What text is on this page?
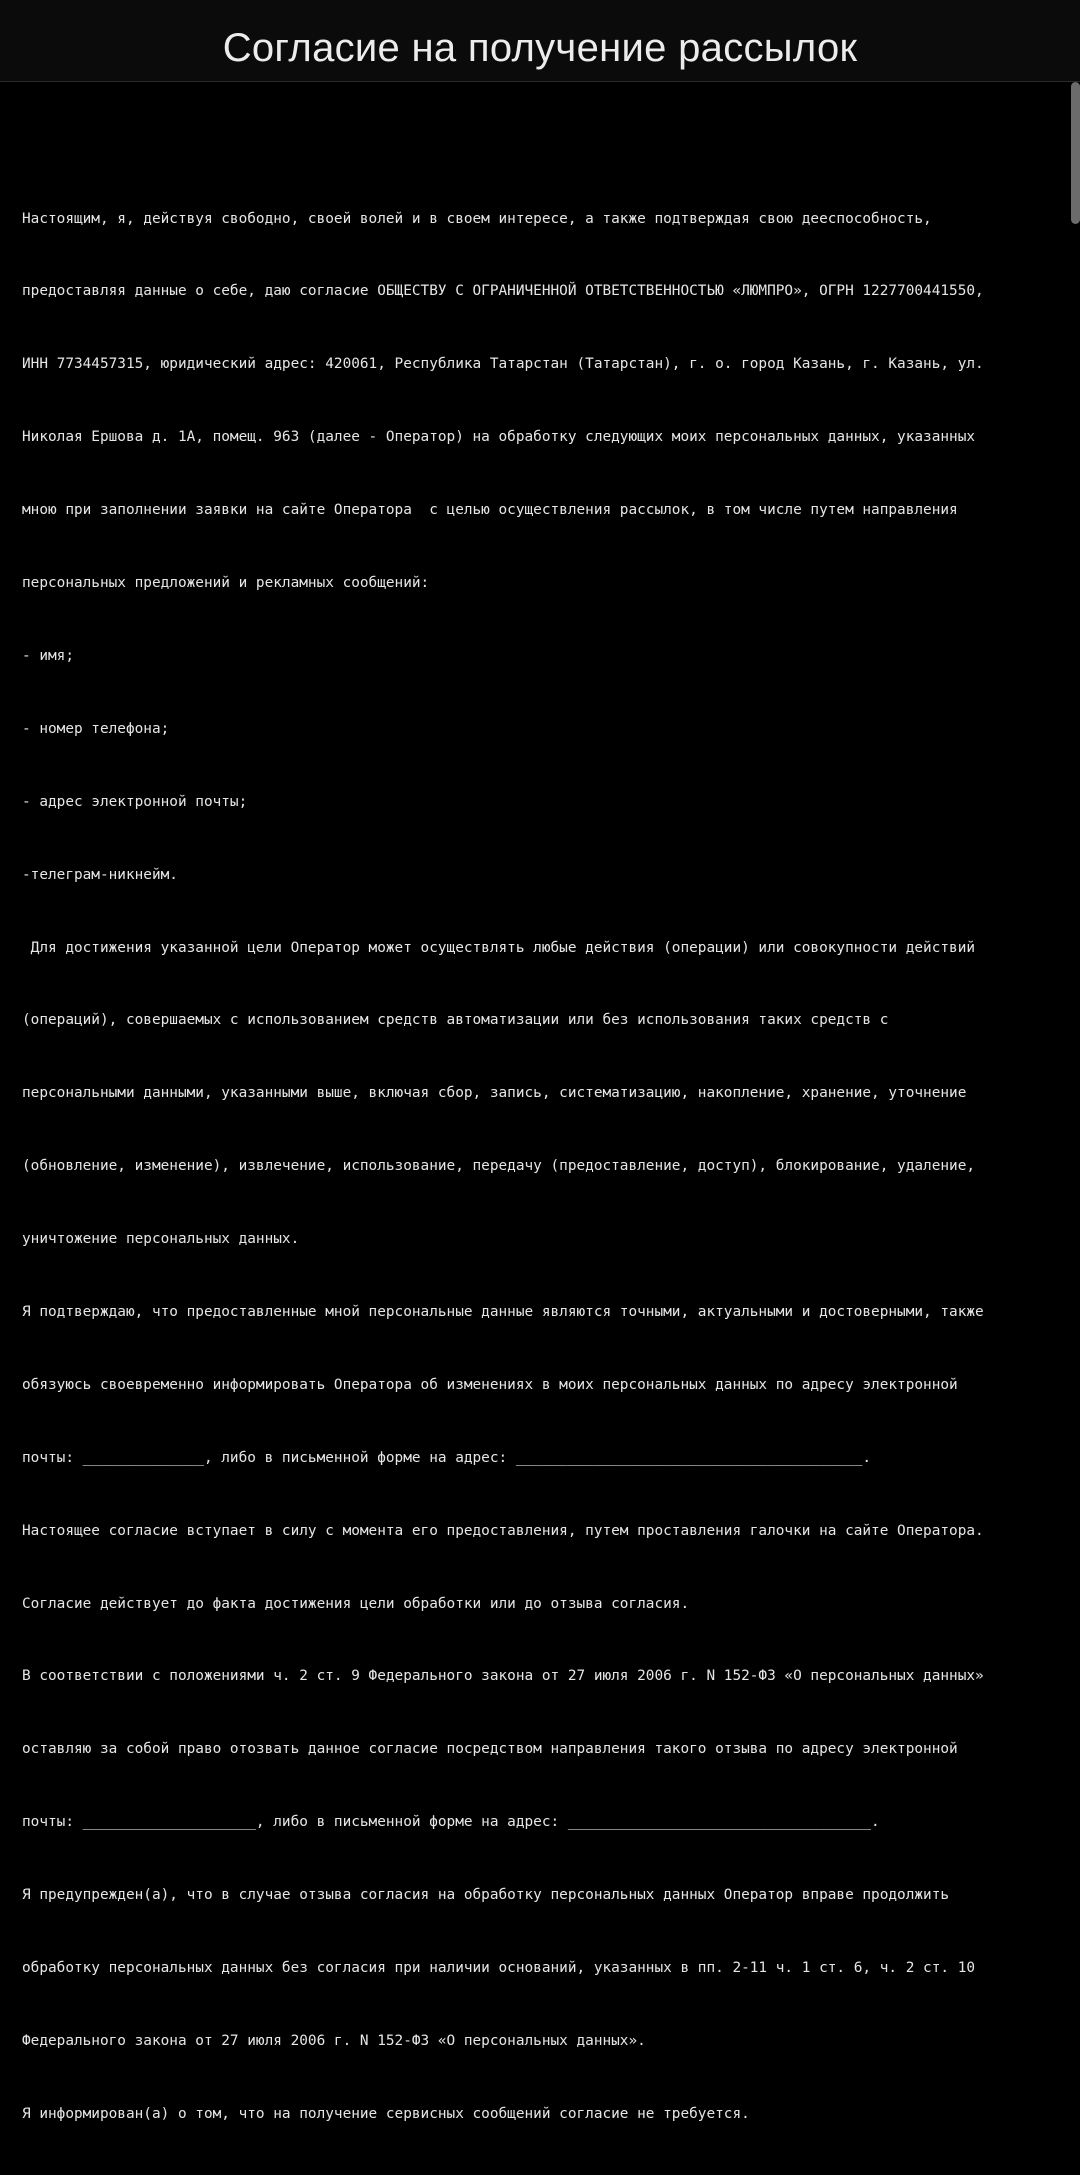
Согласие на получение рассылок

Настоящим, я, действуя свободно, своей волей и в своем интересе, а также подтверждая свою дееспособность,

предоставляя данные о себе, даю согласие ОБЩЕСТВУ С ОГРАНИЧЕННОЙ ОТВЕТСТВЕННОСТЬЮ «ЛЮМПРО», ОГРН 1227700441550,

ИНН 7734457315, юридический адрес: 420061, Республика Татарстан (Татарстан), г. о. город Казань, г. Казань, ул.

Николая Ершова д. 1А, помещ. 963 (далее - Оператор) на обработку следующих моих персональных данных, указанных

мною при заполнении заявки на сайте Оператора  с целью осуществления рассылок, в том числе путем направления

персональных предложений и рекламных сообщений:

- имя;

- номер телефона;

- адрес электронной почты;

-телеграм-никнейм.

Для достижения указанной цели Оператор может осуществлять любые действия (операции) или совокупности действий

(операций), совершаемых с использованием средств автоматизации или без использования таких средств с

персональными данными, указанными выше, включая сбор, запись, систематизацию, накопление, хранение, уточнение

(обновление, изменение), извлечение, использование, передачу (предоставление, доступ), блокирование, удаление,

уничтожение персональных данных.

Я подтверждаю, что предоставленные мной персональные данные являются точными, актуальными и достоверными, также

обязуюсь своевременно информировать Оператора об изменениях в моих персональных данных по адресу электронной

почты: ______________, либо в письменной форме на адрес: ________________________________________.

Настоящее согласие вступает в силу с момента его предоставления, путем проставления галочки на сайте Оператора.

Согласие действует до факта достижения цели обработки или до отзыва согласия.

В соответствии с положениями ч. 2 ст. 9 Федерального закона от 27 июля 2006 г. N 152-ФЗ «О персональных данных»

оставляю за собой право отозвать данное согласие посредством направления такого отзыва по адресу электронной

почты: ____________________, либо в письменной форме на адрес: ___________________________________.

Я предупрежден(а), что в случае отзыва согласия на обработку персональных данных Оператор вправе продолжить

обработку персональных данных без согласия при наличии оснований, указанных в пп. 2-11 ч. 1 ст. 6, ч. 2 ст. 10

Федерального закона от 27 июля 2006 г. N 152-ФЗ «О персональных данных».

Я информирован(а) о том, что на получение сервисных сообщений согласие не требуется.
